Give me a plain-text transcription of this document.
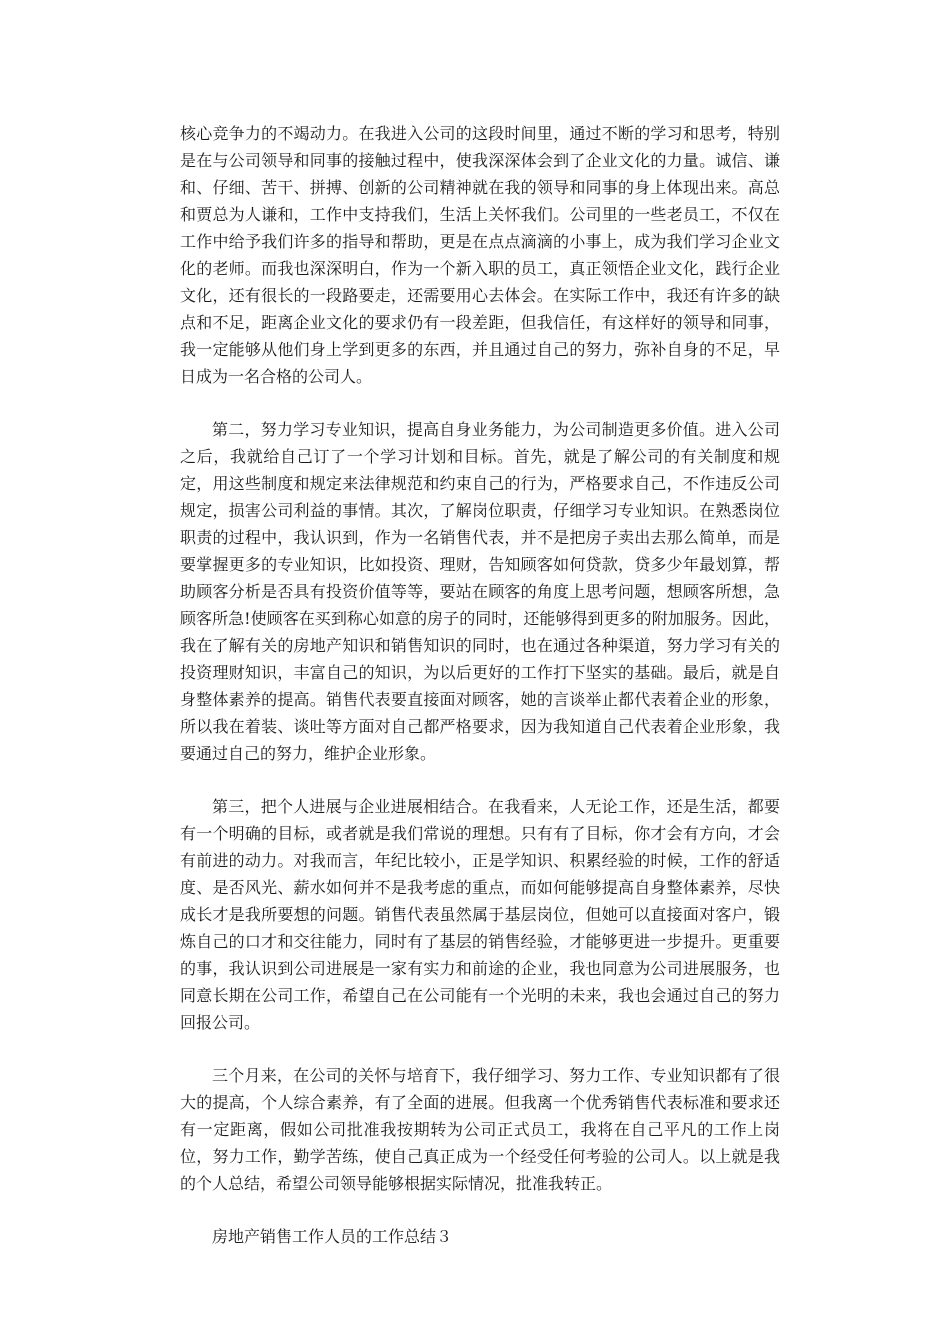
核心竞争力的不竭动力。在我进入公司的这段时间里，通过不断的学习和思考，特别是在与公司领导和同事的接触过程中，使我深深体会到了企业文化的力量。诚信、谦和、仔细、苦干、拼搏、创新的公司精神就在我的领导和同事的身上体现出来。高总和贾总为人谦和，工作中支持我们，生活上关怀我们。公司里的一些老员工，不仅在工作中给予我们许多的指导和帮助，更是在点点滴滴的小事上，成为我们学习企业文化的老师。而我也深深明白，作为一个新入职的员工，真正领悟企业文化，践行企业文化，还有很长的一段路要走，还需要用心去体会。在实际工作中，我还有许多的缺点和不足，距离企业文化的要求仍有一段差距，但我信任，有这样好的领导和同事，我一定能够从他们身上学到更多的东西，并且通过自己的努力，弥补自身的不足，早日成为一名合格的公司人。

第二，努力学习专业知识，提高自身业务能力，为公司制造更多价值。进入公司之后，我就给自己订了一个学习计划和目标。首先，就是了解公司的有关制度和规定，用这些制度和规定来法律规范和约束自己的行为，严格要求自己，不作违反公司规定，损害公司利益的事情。其次，了解岗位职责，仔细学习专业知识。在熟悉岗位职责的过程中，我认识到，作为一名销售代表，并不是把房子卖出去那么简单，而是要掌握更多的专业知识，比如投资、理财，告知顾客如何贷款，贷多少年最划算，帮助顾客分析是否具有投资价值等等，要站在顾客的角度上思考问题，想顾客所想，急顾客所急!使顾客在买到称心如意的房子的同时，还能够得到更多的附加服务。因此，我在了解有关的房地产知识和销售知识的同时，也在通过各种渠道，努力学习有关的投资理财知识，丰富自己的知识，为以后更好的工作打下坚实的基础。最后，就是自身整体素养的提高。销售代表要直接面对顾客，她的言谈举止都代表着企业的形象，所以我在着装、谈吐等方面对自己都严格要求，因为我知道自己代表着企业形象，我要通过自己的努力，维护企业形象。

第三，把个人进展与企业进展相结合。在我看来，人无论工作，还是生活，都要有一个明确的目标，或者就是我们常说的理想。只有有了目标，你才会有方向，才会有前进的动力。对我而言，年纪比较小，正是学知识、积累经验的时候，工作的舒适度、是否风光、薪水如何并不是我考虑的重点，而如何能够提高自身整体素养，尽快成长才是我所要想的问题。销售代表虽然属于基层岗位，但她可以直接面对客户，锻炼自己的口才和交往能力，同时有了基层的销售经验，才能够更进一步提升。更重要的事，我认识到公司进展是一家有实力和前途的企业，我也同意为公司进展服务，也同意长期在公司工作，希望自己在公司能有一个光明的未来，我也会通过自己的努力回报公司。

三个月来，在公司的关怀与培育下，我仔细学习、努力工作、专业知识都有了很大的提高，个人综合素养，有了全面的进展。但我离一个优秀销售代表标准和要求还有一定距离，假如公司批准我按期转为公司正式员工，我将在自己平凡的工作上岗位，努力工作，勤学苦练，使自己真正成为一个经受任何考验的公司人。以上就是我的个人总结，希望公司领导能够根据实际情况，批准我转正。

房地产销售工作人员的工作总结３
